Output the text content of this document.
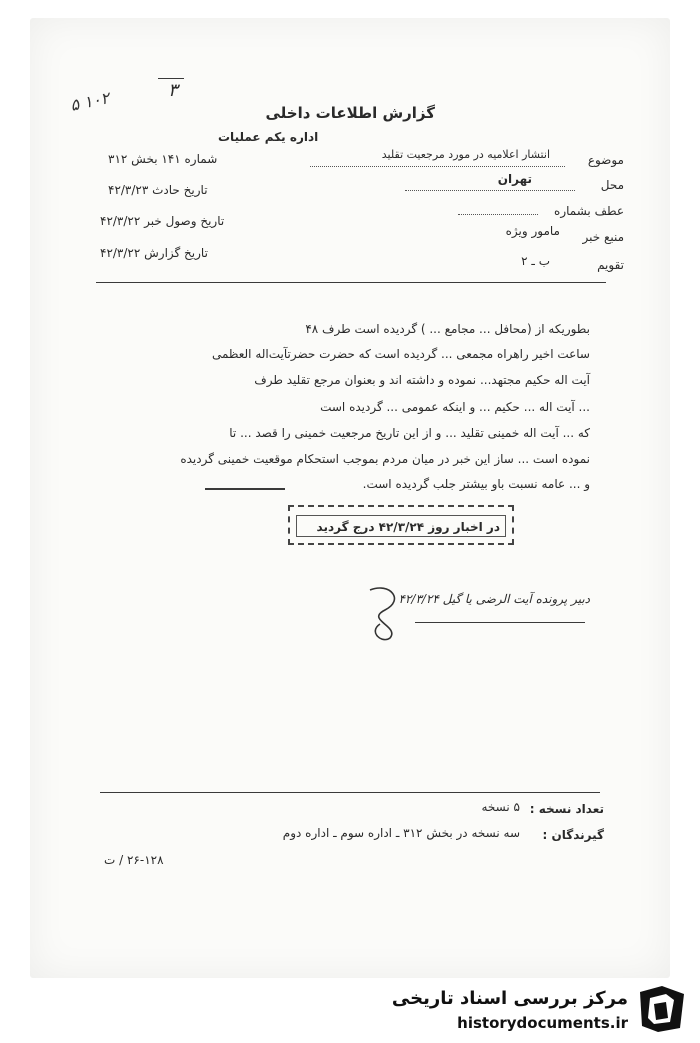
۵ ۱۰۲	۳
گزارش اطلاعات داخلی
اداره یکم عملیات
شماره ۱۴۱ بخش ۳۱۲
تاریخ حادث ۴۲/۳/۲۳
تاریخ وصول خبر ۴۲/۳/۲۲
تاریخ گزارش ۴۲/۳/۲۲
موضوع
انتشار اعلامیه در مورد مرجعیت تقلید
محل
تهران
عطف بشماره
منبع خبر
مامور ویژه
تقویم
ب ـ ۲
بطوریکه از (محافل ... مجامع ... ) گردیده است طرف ۴۸
ساعت اخیر راهراه مجمعی ... گردیده است که حضرت حضرتآیت‌اله العظمی
آیت اله حکیم مجتهد... نموده و داشته اند و بعنوان مرجع تقلید طرف
... آیت اله ... حکیم ... و اینکه عمومی ... گردیده است
که ... آیت اله خمینی تقلید ... و از این تاریخ مرجعیت خمینی را قصد ... تا
نموده است ... ساز این خبر در میان مردم بموجب استحکام موقعیت خمینی گردیده
و ... عامه نسبت باو بیشتر جلب گردیده است.
در اخبار روز ۴۲/۳/۲۴ درج گردید
دبیر پرونده آیت الرضی یا گیل ۴۲/۳/۲۴
تعداد نسخه :
۵ نسخه
گیرندگان :
سه نسخه در بخش ۳۱۲ ـ اداره سوم ـ اداره دوم
۲۶-۱۲۸ / ت
مرکز بررسی اسناد تاریخی
historydocuments.ir
